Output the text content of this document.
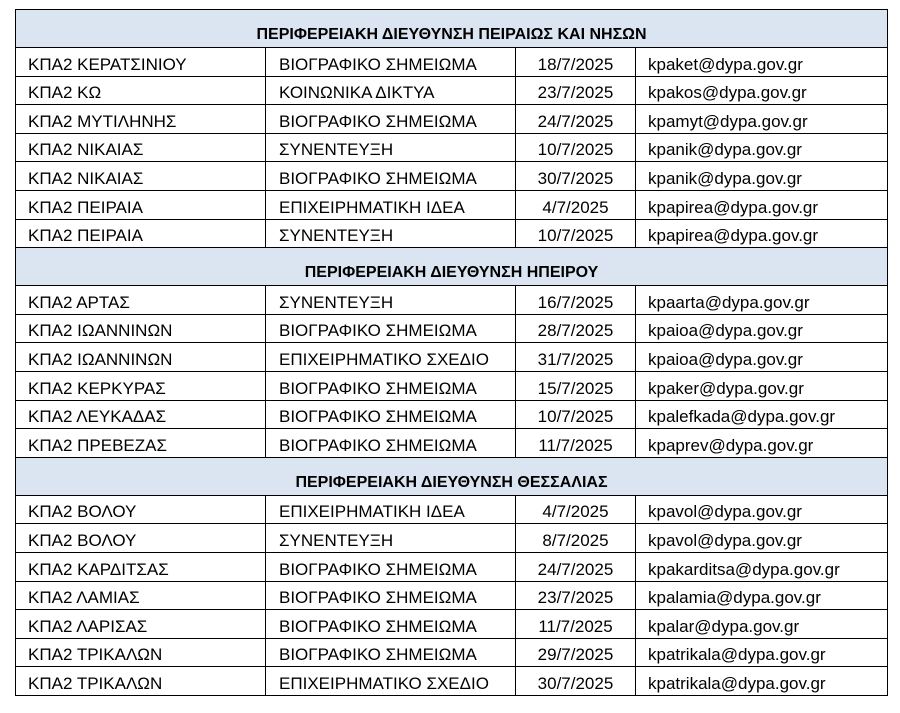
ΠΕΡΙΦΕΡΕΙΑΚΗ ΔΙΕΥΘΥΝΣΗ ΠΕΙΡΑΙΩΣ ΚΑΙ ΝΗΣΩΝ			
ΚΠΑ2 ΚΕΡΑΤΣΙΝΙΟΥ	ΒΙΟΓΡΑΦΙΚΟ ΣΗΜΕΙΩΜΑ	18/7/2025	kpaket@dypa.gov.gr
ΚΠΑ2 ΚΩ	ΚΟΙΝΩΝΙΚΑ ΔΙΚΤΥΑ	23/7/2025	kpakos@dypa.gov.gr
ΚΠΑ2 ΜΥΤΙΛΗΝΗΣ	ΒΙΟΓΡΑΦΙΚΟ ΣΗΜΕΙΩΜΑ	24/7/2025	kpamyt@dypa.gov.gr
ΚΠΑ2 ΝΙΚΑΙΑΣ	ΣΥΝΕΝΤΕΥΞΗ	10/7/2025	kpanik@dypa.gov.gr
ΚΠΑ2 ΝΙΚΑΙΑΣ	ΒΙΟΓΡΑΦΙΚΟ ΣΗΜΕΙΩΜΑ	30/7/2025	kpanik@dypa.gov.gr
ΚΠΑ2 ΠΕΙΡΑΙΑ	ΕΠΙΧΕΙΡΗΜΑΤΙΚΗ ΙΔΕΑ	4/7/2025	kpapirea@dypa.gov.gr
ΚΠΑ2 ΠΕΙΡΑΙΑ	ΣΥΝΕΝΤΕΥΞΗ	10/7/2025	kpapirea@dypa.gov.gr
ΠΕΡΙΦΕΡΕΙΑΚΗ ΔΙΕΥΘΥΝΣΗ ΗΠΕΙΡΟΥ			
ΚΠΑ2 ΑΡΤΑΣ	ΣΥΝΕΝΤΕΥΞΗ	16/7/2025	kpaarta@dypa.gov.gr
ΚΠΑ2 ΙΩΑΝΝΙΝΩΝ	ΒΙΟΓΡΑΦΙΚΟ ΣΗΜΕΙΩΜΑ	28/7/2025	kpaioa@dypa.gov.gr
ΚΠΑ2 ΙΩΑΝΝΙΝΩΝ	ΕΠΙΧΕΙΡΗΜΑΤΙΚΟ ΣΧΕΔΙΟ	31/7/2025	kpaioa@dypa.gov.gr
ΚΠΑ2 ΚΕΡΚΥΡΑΣ	ΒΙΟΓΡΑΦΙΚΟ ΣΗΜΕΙΩΜΑ	15/7/2025	kpaker@dypa.gov.gr
ΚΠΑ2 ΛΕΥΚΑΔΑΣ	ΒΙΟΓΡΑΦΙΚΟ ΣΗΜΕΙΩΜΑ	10/7/2025	kpalefkada@dypa.gov.gr
ΚΠΑ2 ΠΡΕΒΕΖΑΣ	ΒΙΟΓΡΑΦΙΚΟ ΣΗΜΕΙΩΜΑ	11/7/2025	kpaprev@dypa.gov.gr
ΠΕΡΙΦΕΡΕΙΑΚΗ ΔΙΕΥΘΥΝΣΗ ΘΕΣΣΑΛΙΑΣ			
ΚΠΑ2 ΒΟΛΟΥ	ΕΠΙΧΕΙΡΗΜΑΤΙΚΗ ΙΔΕΑ	4/7/2025	kpavol@dypa.gov.gr
ΚΠΑ2 ΒΟΛΟΥ	ΣΥΝΕΝΤΕΥΞΗ	8/7/2025	kpavol@dypa.gov.gr
ΚΠΑ2 ΚΑΡΔΙΤΣΑΣ	ΒΙΟΓΡΑΦΙΚΟ ΣΗΜΕΙΩΜΑ	24/7/2025	kpakarditsa@dypa.gov.gr
ΚΠΑ2 ΛΑΜΙΑΣ	ΒΙΟΓΡΑΦΙΚΟ ΣΗΜΕΙΩΜΑ	23/7/2025	kpalamia@dypa.gov.gr
ΚΠΑ2 ΛΑΡΙΣΑΣ	ΒΙΟΓΡΑΦΙΚΟ ΣΗΜΕΙΩΜΑ	11/7/2025	kpalar@dypa.gov.gr
ΚΠΑ2 ΤΡΙΚΑΛΩΝ	ΒΙΟΓΡΑΦΙΚΟ ΣΗΜΕΙΩΜΑ	29/7/2025	kpatrikala@dypa.gov.gr
ΚΠΑ2 ΤΡΙΚΑΛΩΝ	ΕΠΙΧΕΙΡΗΜΑΤΙΚΟ ΣΧΕΔΙΟ	30/7/2025	kpatrikala@dypa.gov.gr
